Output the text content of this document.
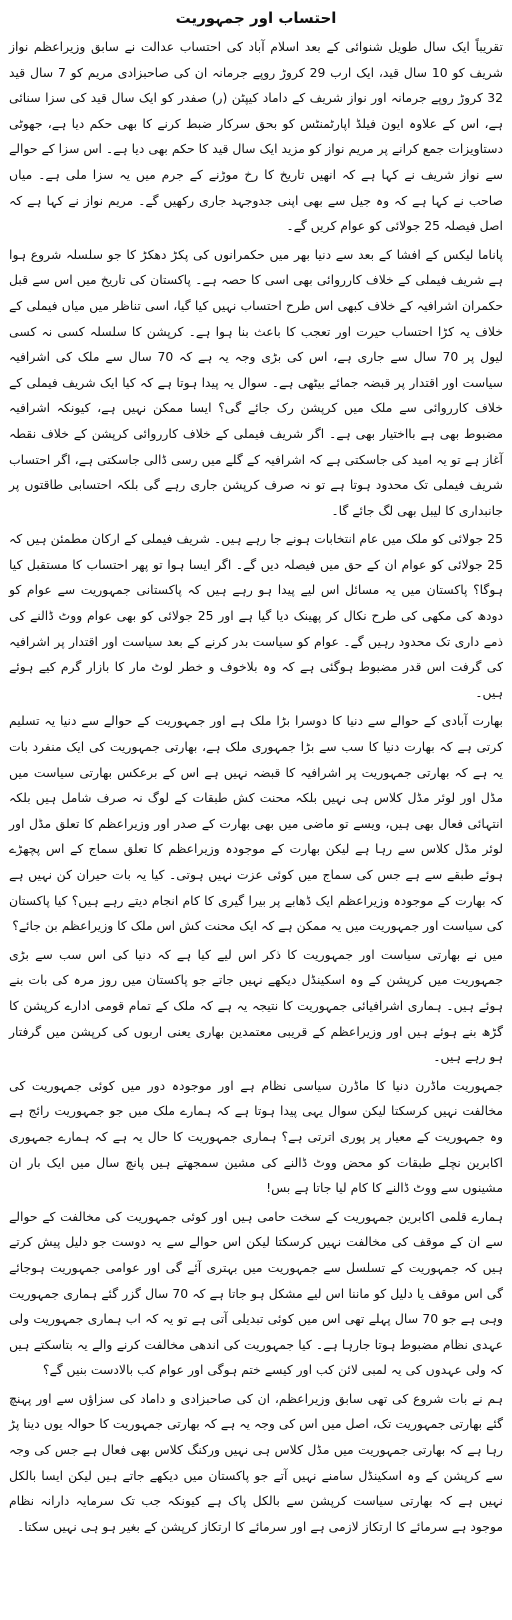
احتساب اور جمہوریت

تقریباً ایک سال طویل شنوائی کے بعد اسلام آباد کی احتساب عدالت نے سابق وزیراعظم نواز شریف کو 10 سال قید، ایک ارب 29 کروڑ روپے جرمانہ ان کی صاحبزادی مریم کو 7 سال قید 32 کروڑ روپے جرمانہ اور نواز شریف کے داماد کیپٹن (ر) صفدر کو ایک سال قید کی سزا سنائی ہے، اس کے علاوہ ایون فیلڈ اپارٹمنٹس کو بحق سرکار ضبط کرنے کا بھی حکم دیا ہے، جھوٹی دستاویزات جمع کرانے پر مریم نواز کو مزید ایک سال قید کا حکم بھی دیا ہے۔ اس سزا کے حوالے سے نواز شریف نے کہا ہے کہ انھیں تاریخ کا رخ موڑنے کے جرم میں یہ سزا ملی ہے۔ میاں صاحب نے کہا ہے کہ وہ جیل سے بھی اپنی جدوجہد جاری رکھیں گے۔ مریم نواز نے کہا ہے کہ اصل فیصلہ 25 جولائی کو عوام کریں گے۔

پاناما لیکس کے افشا کے بعد سے دنیا بھر میں حکمرانوں کی پکڑ دھکڑ کا جو سلسلہ شروع ہوا ہے شریف فیملی کے خلاف کارروائی بھی اسی کا حصہ ہے۔ پاکستان کی تاریخ میں اس سے قبل حکمران اشرافیہ کے خلاف کبھی اس طرح احتساب نہیں کیا گیا، اسی تناظر میں میاں فیملی کے خلاف یہ کڑا احتساب حیرت اور تعجب کا باعث بنا ہوا ہے۔ کرپشن کا سلسلہ کسی نہ کسی لیول پر 70 سال سے جاری ہے، اس کی بڑی وجہ یہ ہے کہ 70 سال سے ملک کی اشرافیہ سیاست اور اقتدار پر قبضہ جمائے بیٹھی ہے۔ سوال یہ پیدا ہوتا ہے کہ کیا ایک شریف فیملی کے خلاف کارروائی سے ملک میں کرپشن رک جائے گی؟ ایسا ممکن نہیں ہے، کیونکہ اشرافیہ مضبوط بھی ہے بااختیار بھی ہے۔ اگر شریف فیملی کے خلاف کارروائی کرپشن کے خلاف نقطہ آغاز ہے تو یہ امید کی جاسکتی ہے کہ اشرافیہ کے گلے میں رسی ڈالی جاسکتی ہے، اگر احتساب شریف فیملی تک محدود ہوتا ہے تو نہ صرف کرپشن جاری رہے گی بلکہ احتسابی طاقتوں پر جانبداری کا لیبل بھی لگ جائے گا۔

25 جولائی کو ملک میں عام انتخابات ہونے جا رہے ہیں۔ شریف فیملی کے ارکان مطمئن ہیں کہ 25 جولائی کو عوام ان کے حق میں فیصلہ دیں گے۔ اگر ایسا ہوا تو پھر احتساب کا مستقبل کیا ہوگا؟ پاکستان میں یہ مسائل اس لیے پیدا ہو رہے ہیں کہ پاکستانی جمہوریت سے عوام کو دودھ کی مکھی کی طرح نکال کر پھینک دیا گیا ہے اور 25 جولائی کو بھی عوام ووٹ ڈالنے کی ذمے داری تک محدود رہیں گے۔ عوام کو سیاست بدر کرنے کے بعد سیاست اور اقتدار پر اشرافیہ کی گرفت اس قدر مضبوط ہوگئی ہے کہ وہ بلاخوف و خطر لوٹ مار کا بازار گرم کیے ہوئے ہیں۔

بھارت آبادی کے حوالے سے دنیا کا دوسرا بڑا ملک ہے اور جمہوریت کے حوالے سے دنیا یہ تسلیم کرتی ہے کہ بھارت دنیا کا سب سے بڑا جمہوری ملک ہے، بھارتی جمہوریت کی ایک منفرد بات یہ ہے کہ بھارتی جمہوریت پر اشرافیہ کا قبضہ نہیں ہے اس کے برعکس بھارتی سیاست میں مڈل اور لوئر مڈل کلاس ہی نہیں بلکہ محنت کش طبقات کے لوگ نہ صرف شامل ہیں بلکہ انتہائی فعال بھی ہیں، ویسے تو ماضی میں بھی بھارت کے صدر اور وزیراعظم کا تعلق مڈل اور لوئر مڈل کلاس سے رہا ہے لیکن بھارت کے موجودہ وزیراعظم کا تعلق سماج کے اس پچھڑے ہوئے طبقے سے ہے جس کی سماج میں کوئی عزت نہیں ہوتی۔ کیا یہ بات حیران کن نہیں ہے کہ بھارت کے موجودہ وزیراعظم ایک ڈھابے پر بیرا گیری کا کام انجام دیتے رہے ہیں؟ کیا پاکستان کی سیاست اور جمہوریت میں یہ ممکن ہے کہ ایک محنت کش اس ملک کا وزیراعظم بن جائے؟

میں نے بھارتی سیاست اور جمہوریت کا ذکر اس لیے کیا ہے کہ دنیا کی اس سب سے بڑی جمہوریت میں کرپشن کے وہ اسکینڈل دیکھے نہیں جاتے جو پاکستان میں روز مرہ کی بات بنے ہوئے ہیں۔ ہماری اشرافیائی جمہوریت کا نتیجہ یہ ہے کہ ملک کے تمام قومی ادارے کرپشن کا گڑھ بنے ہوئے ہیں اور وزیراعظم کے قریبی معتمدین بھاری یعنی اربوں کی کرپشن میں گرفتار ہو رہے ہیں۔

جمہوریت ماڈرن دنیا کا ماڈرن سیاسی نظام ہے اور موجودہ دور میں کوئی جمہوریت کی مخالفت نہیں کرسکتا لیکن سوال یہی پیدا ہوتا ہے کہ ہمارے ملک میں جو جمہوریت رائج ہے وہ جمہوریت کے معیار پر پوری اترتی ہے؟ ہماری جمہوریت کا حال یہ ہے کہ ہمارے جمہوری اکابرین نچلے طبقات کو محض ووٹ ڈالنے کی مشین سمجھتے ہیں پانچ سال میں ایک بار ان مشینوں سے ووٹ ڈالنے کا کام لیا جاتا ہے بس!

ہمارے قلمی اکابرین جمہوریت کے سخت حامی ہیں اور کوئی جمہوریت کی مخالفت کے حوالے سے ان کے موقف کی مخالفت نہیں کرسکتا لیکن اس حوالے سے یہ دوست جو دلیل پیش کرتے ہیں کہ جمہوریت کے تسلسل سے جمہوریت میں بہتری آئے گی اور عوامی جمہوریت ہوجائے گی اس موقف یا دلیل کو ماننا اس لیے مشکل ہو جاتا ہے کہ 70 سال گزر گئے ہماری جمہوریت وہی ہے جو 70 سال پہلے تھی اس میں کوئی تبدیلی آتی ہے تو یہ کہ اب ہماری جمہوریت ولی عہدی نظام مضبوط ہوتا جارہا ہے۔ کیا جمہوریت کی اندھی مخالفت کرنے والے یہ بتاسکتے ہیں کہ ولی عہدوں کی یہ لمبی لائن کب اور کیسے ختم ہوگی اور عوام کب بالادست بنیں گے؟

ہم نے بات شروع کی تھی سابق وزیراعظم، ان کی صاحبزادی و داماد کی سزاؤں سے اور پہنچ گئے بھارتی جمہوریت تک، اصل میں اس کی وجہ یہ ہے کہ بھارتی جمہوریت کا حوالہ یوں دینا پڑ رہا ہے کہ بھارتی جمہوریت میں مڈل کلاس ہی نہیں ورکنگ کلاس بھی فعال ہے جس کی وجہ سے کرپشن کے وہ اسکینڈل سامنے نہیں آتے جو پاکستان میں دیکھے جاتے ہیں لیکن ایسا بالکل نہیں ہے کہ بھارتی سیاست کرپشن سے بالکل پاک ہے کیونکہ جب تک سرمایہ دارانہ نظام موجود ہے سرمائے کا ارتکاز لازمی ہے اور سرمائے کا ارتکاز کرپشن کے بغیر ہو ہی نہیں سکتا۔
